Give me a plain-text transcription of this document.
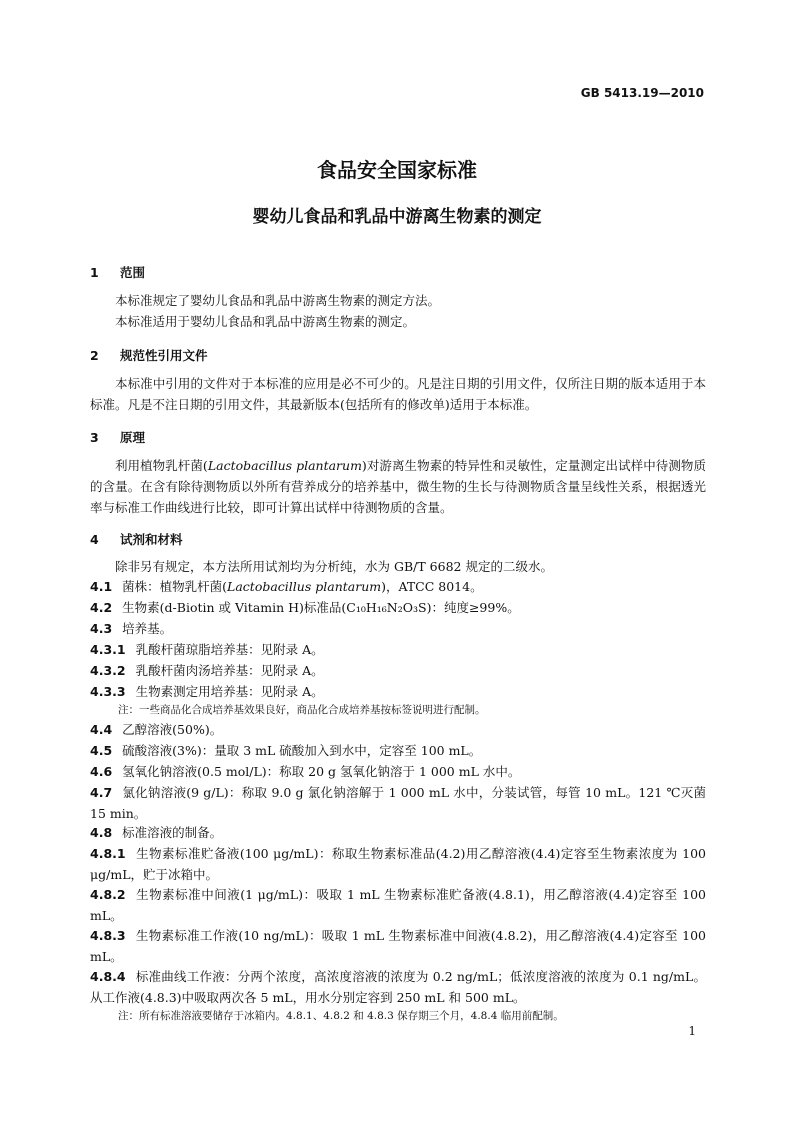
GB 5413.19—2010
食品安全国家标准
婴幼儿食品和乳品中游离生物素的测定
1 范围
本标准规定了婴幼儿食品和乳品中游离生物素的测定方法。
本标准适用于婴幼儿食品和乳品中游离生物素的测定。
2 规范性引用文件
本标准中引用的文件对于本标准的应用是必不可少的。凡是注日期的引用文件，仅所注日期的版本适用于本标准。凡是不注日期的引用文件，其最新版本(包括所有的修改单)适用于本标准。
3 原理
利用植物乳杆菌(Lactobacillus plantarum)对游离生物素的特异性和灵敏性，定量测定出试样中待测物质的含量。在含有除待测物质以外所有营养成分的培养基中，微生物的生长与待测物质含量呈线性关系，根据透光率与标准工作曲线进行比较，即可计算出试样中待测物质的含量。
4 试剂和材料
除非另有规定，本方法所用试剂均为分析纯，水为 GB/T 6682 规定的二级水。
4.1 菌株：植物乳杆菌(Lactobacillus plantarum)，ATCC 8014。
4.2 生物素(d-Biotin 或 Vitamin H)标准品(C₁₀H₁₆N₂O₃S)：纯度≥99%。
4.3 培养基。
4.3.1 乳酸杆菌琼脂培养基：见附录 A。
4.3.2 乳酸杆菌肉汤培养基：见附录 A。
4.3.3 生物素测定用培养基：见附录 A。
注：一些商品化合成培养基效果良好，商品化合成培养基按标签说明进行配制。
4.4 乙醇溶液(50%)。
4.5 硫酸溶液(3%)：量取 3 mL 硫酸加入到水中，定容至 100 mL。
4.6 氢氧化钠溶液(0.5 mol/L)：称取 20 g 氢氧化钠溶于 1 000 mL 水中。
4.7 氯化钠溶液(9 g/L)：称取 9.0 g 氯化钠溶解于 1 000 mL 水中，分装试管，每管 10 mL。121 ℃灭菌 15 min。
4.8 标准溶液的制备。
4.8.1 生物素标准贮备液(100 μg/mL)：称取生物素标准品(4.2)用乙醇溶液(4.4)定容至生物素浓度为 100 μg/mL，贮于冰箱中。
4.8.2 生物素标准中间液(1 μg/mL)：吸取 1 mL 生物素标准贮备液(4.8.1)，用乙醇溶液(4.4)定容至 100 mL。
4.8.3 生物素标准工作液(10 ng/mL)：吸取 1 mL 生物素标准中间液(4.8.2)，用乙醇溶液(4.4)定容至 100 mL。
4.8.4 标准曲线工作液：分两个浓度，高浓度溶液的浓度为 0.2 ng/mL；低浓度溶液的浓度为 0.1 ng/mL。从工作液(4.8.3)中吸取两次各 5 mL，用水分别定容到 250 mL 和 500 mL。
注：所有标准溶液要储存于冰箱内。4.8.1、4.8.2 和 4.8.3 保存期三个月，4.8.4 临用前配制。
1
